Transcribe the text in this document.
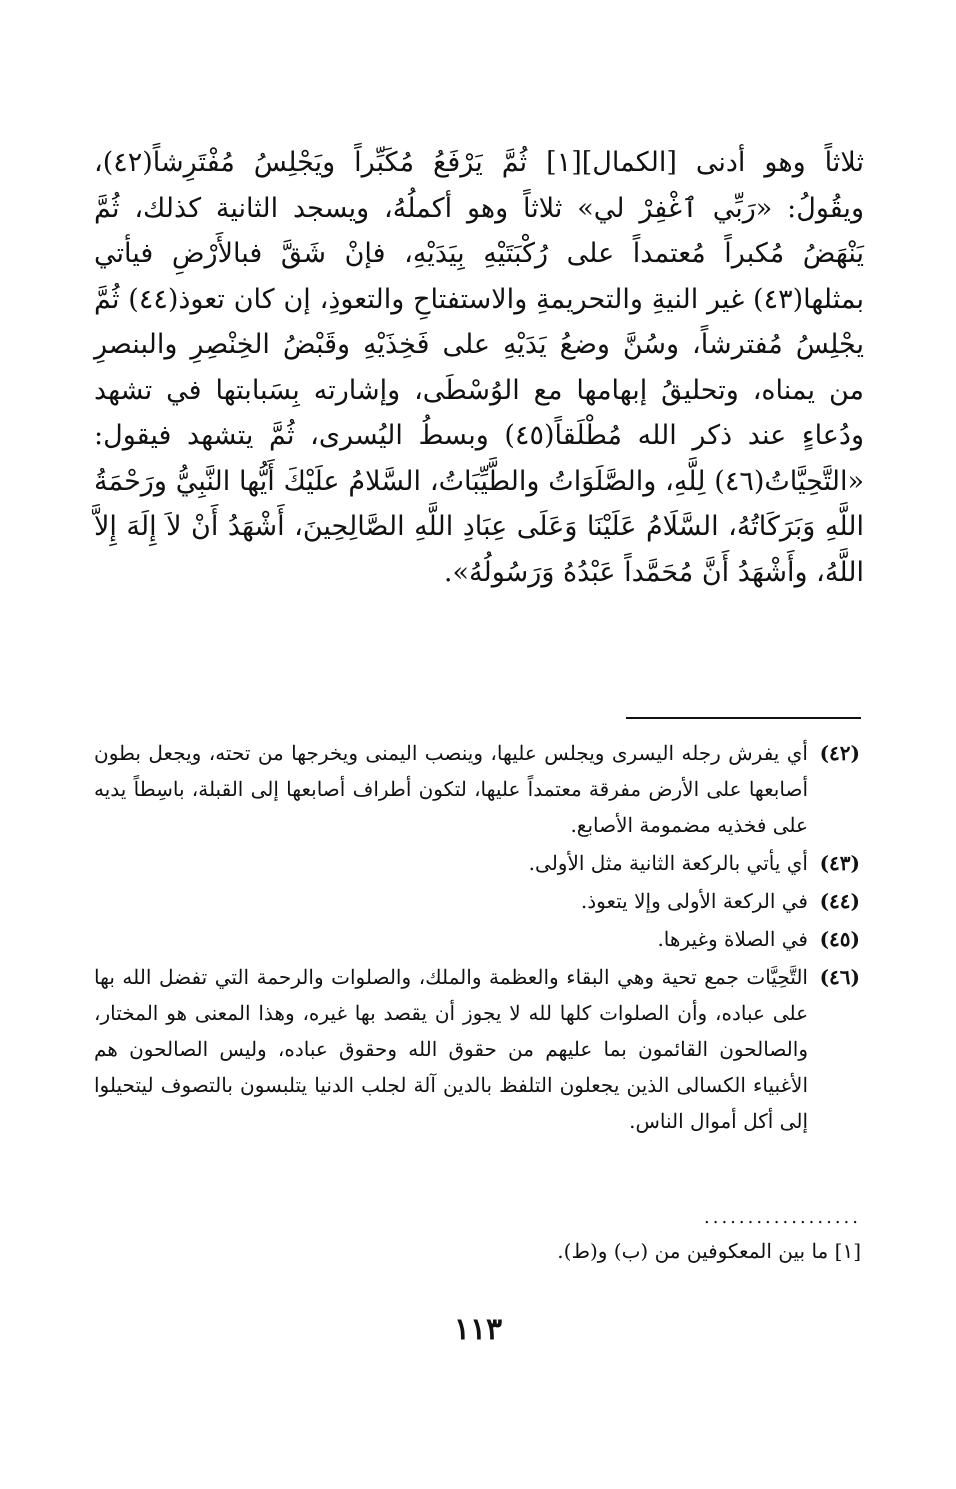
ثلاثاً وهو أدنى [الكمال][١] ثُمَّ يَرْفَعُ مُكَبِّراً ويَجْلِسُ مُفْتَرِشاً(٤٢)، ويقُولُ: «رَبِّي ٱغْفِرْ لي» ثلاثاً وهو أكملُهُ، ويسجد الثانية كذلك، ثُمَّ يَنْهَضُ مُكبراً مُعتمداً على رُكْبَتَيْهِ بِيَدَيْهِ، فإنْ شَقَّ فبالأَرْضِ فيأتي بمثلها(٤٣) غير النيةِ والتحريمةِ والاستفتاحِ والتعوذِ، إن كان تعوذ(٤٤) ثُمَّ يجْلِسُ مُفترشاً، وسُنَّ وضعُ يَدَيْهِ على فَخِذَيْهِ وقَبْضُ الخِنْصِرِ والبنصرِ من يمناه، وتحليقُ إبهامها مع الوُسْطَى، وإشارته بِسَبابتها في تشهد ودُعاءٍ عند ذكر الله مُطْلَقاً(٤٥) وبسطُ اليُسرى، ثُمَّ يتشهد فيقول: «التَّحِيَّاتُ(٤٦) لِلَّهِ، والصَّلَوَاتُ والطَّيِّبَاتُ، السَّلامُ علَيْكَ أَيُّها النَّبِيُّ ورَحْمَةُ اللَّهِ وَبَرَكَاتُهُ، السَّلَامُ عَلَيْنَا وَعَلَى عِبَادِ اللَّهِ الصَّالِحِينَ، أَشْهَدُ أَنْ لاَ إِلَهَ إِلاَّ اللَّهُ، وأَشْهَدُ أَنَّ مُحَمَّداً عَبْدُهُ وَرَسُولُهُ».

(٤٢)
أي يفرش رجله اليسرى ويجلس عليها، وينصب اليمنى ويخرجها من تحته، ويجعل بطون أصابعها على الأرض مفرقة معتمداً عليها، لتكون أطراف أصابعها إلى القبلة، باسِطاً يديه على فخذيه مضمومة الأصابع.
(٤٣)
أي يأتي بالركعة الثانية مثل الأولى.
(٤٤)
في الركعة الأولى وإلا يتعوذ.
(٤٥)
في الصلاة وغيرها.
(٤٦)
التَّحِيَّات جمع تحية وهي البقاء والعظمة والملك، والصلوات والرحمة التي تفضل الله بها على عباده، وأن الصلوات كلها لله لا يجوز أن يقصد بها غيره، وهذا المعنى هو المختار، والصالحون القائمون بما عليهم من حقوق الله وحقوق عباده، وليس الصالحون هم الأغبياء الكسالى الذين يجعلون التلفظ بالدين آلة لجلب الدنيا يتلبسون بالتصوف ليتحيلوا إلى أكل أموال الناس.
..................
[١] ما بين المعكوفين من (ب) و(ط).
١١٣
